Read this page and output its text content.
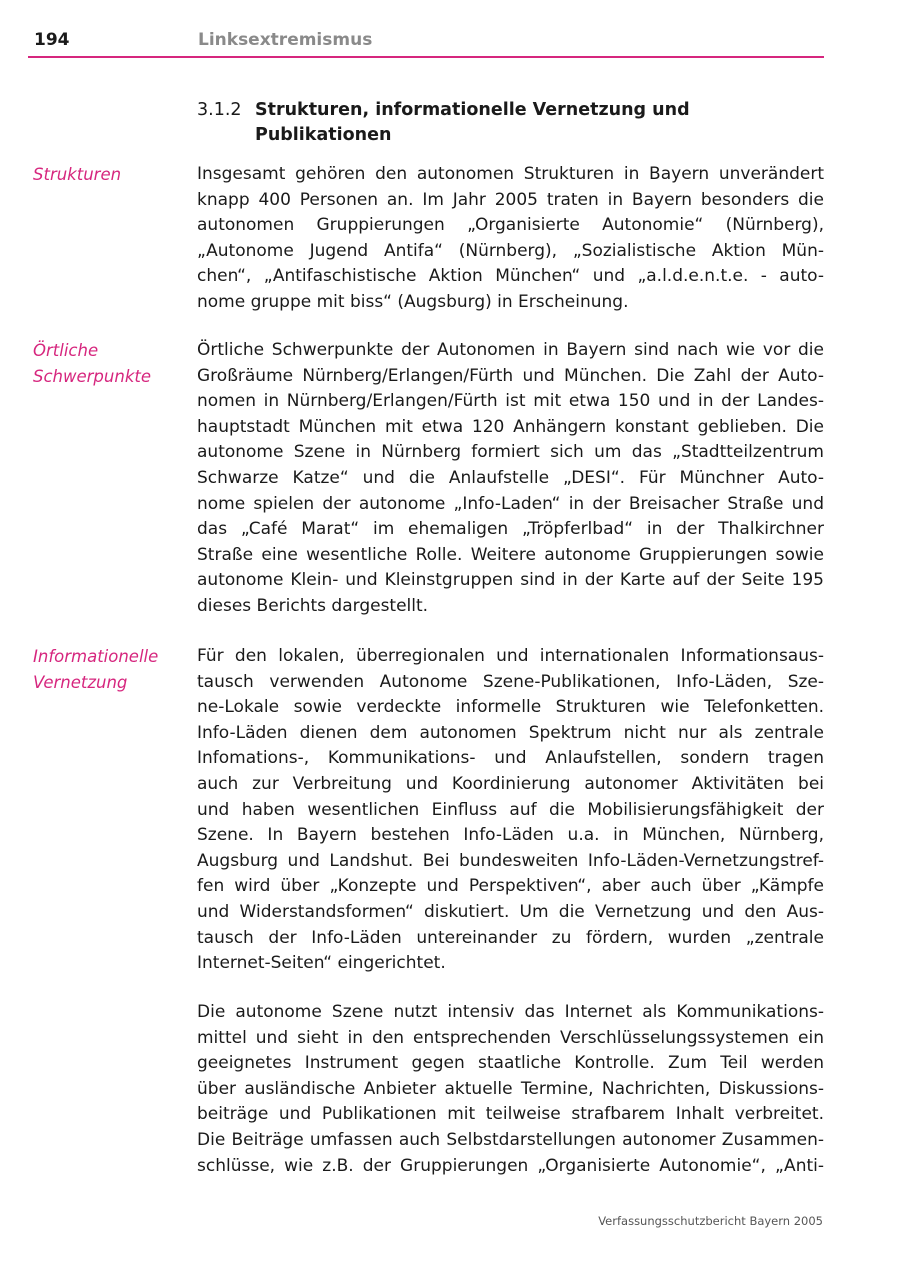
194	Linksextremismus
3.1.2 Strukturen, informationelle Vernetzung und
Publikationen
Strukturen
Örtliche
Schwerpunkte
Informationelle
Vernetzung
Insgesamt gehören den autonomen Strukturen in Bayern unverändert
knapp 400 Personen an. Im Jahr 2005 traten in Bayern besonders die
autonomen Gruppierungen „Organisierte Autonomie“ (Nürnberg),
„Autonome Jugend Antifa“ (Nürnberg), „Sozialistische Aktion Mün-
chen“, „Antifaschistische Aktion München“ und „a.l.d.e.n.t.e. - auto-
nome gruppe mit biss“ (Augsburg) in Erscheinung.
Örtliche Schwerpunkte der Autonomen in Bayern sind nach wie vor die
Großräume Nürnberg/Erlangen/Fürth und München. Die Zahl der Auto-
nomen in Nürnberg/Erlangen/Fürth ist mit etwa 150 und in der Landes-
hauptstadt München mit etwa 120 Anhängern konstant geblieben. Die
autonome Szene in Nürnberg formiert sich um das „Stadtteilzentrum
Schwarze Katze“ und die Anlaufstelle „DESI“. Für Münchner Auto-
nome spielen der autonome „Info-Laden“ in der Breisacher Straße und
das „Café Marat“ im ehemaligen „Tröpferlbad“ in der Thalkirchner
Straße eine wesentliche Rolle. Weitere autonome Gruppierungen sowie
autonome Klein- und Kleinstgruppen sind in der Karte auf der Seite 195
dieses Berichts dargestellt.
Für den lokalen, überregionalen und internationalen Informationsaus-
tausch verwenden Autonome Szene-Publikationen, Info-Läden, Sze-
ne-Lokale sowie verdeckte informelle Strukturen wie Telefonketten.
Info-Läden dienen dem autonomen Spektrum nicht nur als zentrale
Infomations-, Kommunikations- und Anlaufstellen, sondern tragen
auch zur Verbreitung und Koordinierung autonomer Aktivitäten bei
und haben wesentlichen Einfluss auf die Mobilisierungsfähigkeit der
Szene. In Bayern bestehen Info-Läden u.a. in München, Nürnberg,
Augsburg und Landshut. Bei bundesweiten Info-Läden-Vernetzungstref-
fen wird über „Konzepte und Perspektiven“, aber auch über „Kämpfe
und Widerstandsformen“ diskutiert. Um die Vernetzung und den Aus-
tausch der Info-Läden untereinander zu fördern, wurden „zentrale
Internet-Seiten“ eingerichtet.
Die autonome Szene nutzt intensiv das Internet als Kommunikations-
mittel und sieht in den entsprechenden Verschlüsselungssystemen ein
geeignetes Instrument gegen staatliche Kontrolle. Zum Teil werden
über ausländische Anbieter aktuelle Termine, Nachrichten, Diskussions-
beiträge und Publikationen mit teilweise strafbarem Inhalt verbreitet.
Die Beiträge umfassen auch Selbstdarstellungen autonomer Zusammen-
schlüsse, wie z.B. der Gruppierungen „Organisierte Autonomie“, „Anti-
Verfassungsschutzbericht Bayern 2005
